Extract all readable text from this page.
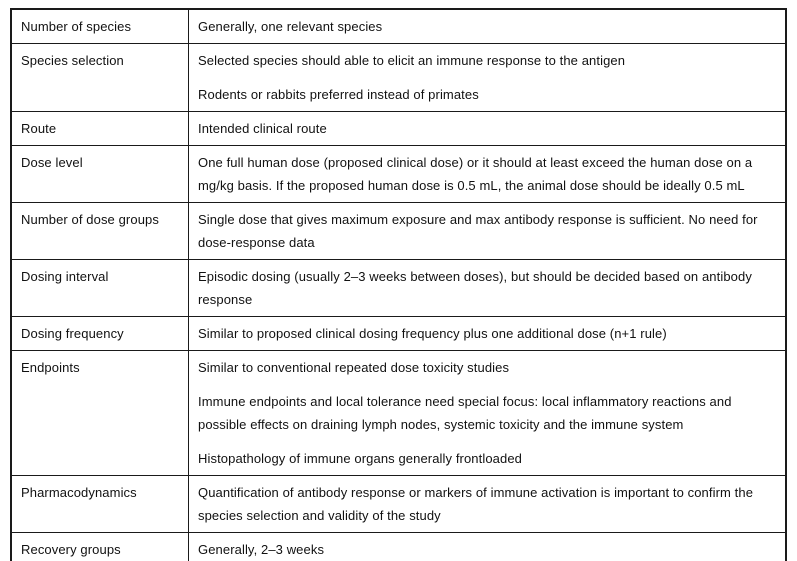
Number of species	Generally, one relevant species

Species selection	Selected species should able to elicit an immune response to the antigen

Rodents or rabbits preferred instead of primates

Route	Intended clinical route

Dose level	One full human dose (proposed clinical dose) or it should at least exceed the human dose on a mg/kg basis. If the proposed human dose is 0.5 mL, the animal dose should be ideally 0.5 mL

Number of dose groups	Single dose that gives maximum exposure and max antibody response is sufficient. No need for dose-response data

Dosing interval	Episodic dosing (usually 2–3 weeks between doses), but should be decided based on antibody response

Dosing frequency	Similar to proposed clinical dosing frequency plus one additional dose (n+1 rule)

Endpoints	Similar to conventional repeated dose toxicity studies

Immune endpoints and local tolerance need special focus: local inflammatory reactions and possible effects on draining lymph nodes, systemic toxicity and the immune system

Histopathology of immune organs generally frontloaded

Pharmacodynamics	Quantification of antibody response or markers of immune activation is important to confirm the species selection and validity of the study

Recovery groups	Generally, 2–3 weeks
